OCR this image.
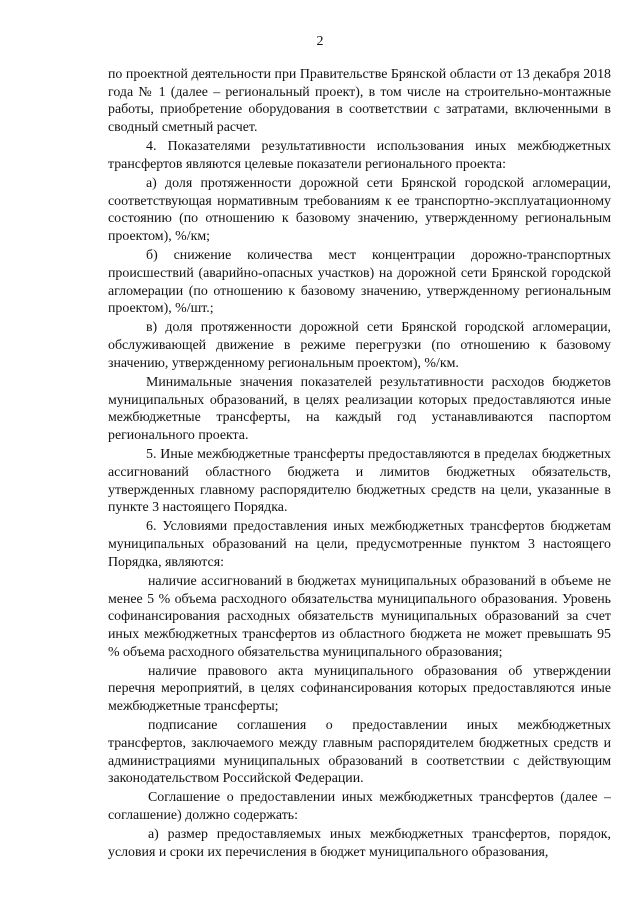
2

по проектной деятельности при Правительстве Брянской области от 13 декабря 2018 года № 1 (далее – региональный проект), в том числе на строительно-монтажные работы, приобретение оборудования в соответствии с затратами, включенными в сводный сметный расчет.

4. Показателями результативности использования иных межбюджетных трансфертов являются целевые показатели регионального проекта:

а) доля протяженности дорожной сети Брянской городской агломерации, соответствующая нормативным требованиям к ее транспортно-эксплуатационному состоянию (по отношению к базовому значению, утвержденному региональным проектом), %/км;

б) снижение количества мест концентрации дорожно-транспортных происшествий (аварийно-опасных участков) на дорожной сети Брянской городской агломерации (по отношению к базовому значению, утвержденному региональным проектом), %/шт.;

в) доля протяженности дорожной сети Брянской городской агломерации, обслуживающей движение в режиме перегрузки (по отношению к базовому значению, утвержденному региональным проектом), %/км.

Минимальные значения показателей результативности расходов бюджетов муниципальных образований, в целях реализации которых предоставляются иные межбюджетные трансферты, на каждый год устанавливаются паспортом регионального проекта.

5. Иные межбюджетные трансферты предоставляются в пределах бюджетных ассигнований областного бюджета и лимитов бюджетных обязательств, утвержденных главному распорядителю бюджетных средств на цели, указанные в пункте 3 настоящего Порядка.

6. Условиями предоставления иных межбюджетных трансфертов бюджетам муниципальных образований на цели, предусмотренные пунктом 3 настоящего Порядка, являются:

наличие ассигнований в бюджетах муниципальных образований в объеме не менее 5 % объема расходного обязательства муниципального образования. Уровень софинансирования расходных обязательств муниципальных образований за счет иных межбюджетных трансфертов из областного бюджета не может превышать 95 % объема расходного обязательства муниципального образования;

наличие правового акта муниципального образования об утверждении перечня мероприятий, в целях софинансирования которых предоставляются иные межбюджетные трансферты;

подписание соглашения о предоставлении иных межбюджетных трансфертов, заключаемого между главным распорядителем бюджетных средств и администрациями муниципальных образований в соответствии с действующим законодательством Российской Федерации.

Соглашение о предоставлении иных межбюджетных трансфертов (далее – соглашение) должно содержать:

а) размер предоставляемых иных межбюджетных трансфертов, порядок, условия и сроки их перечисления в бюджет муниципального образования,
